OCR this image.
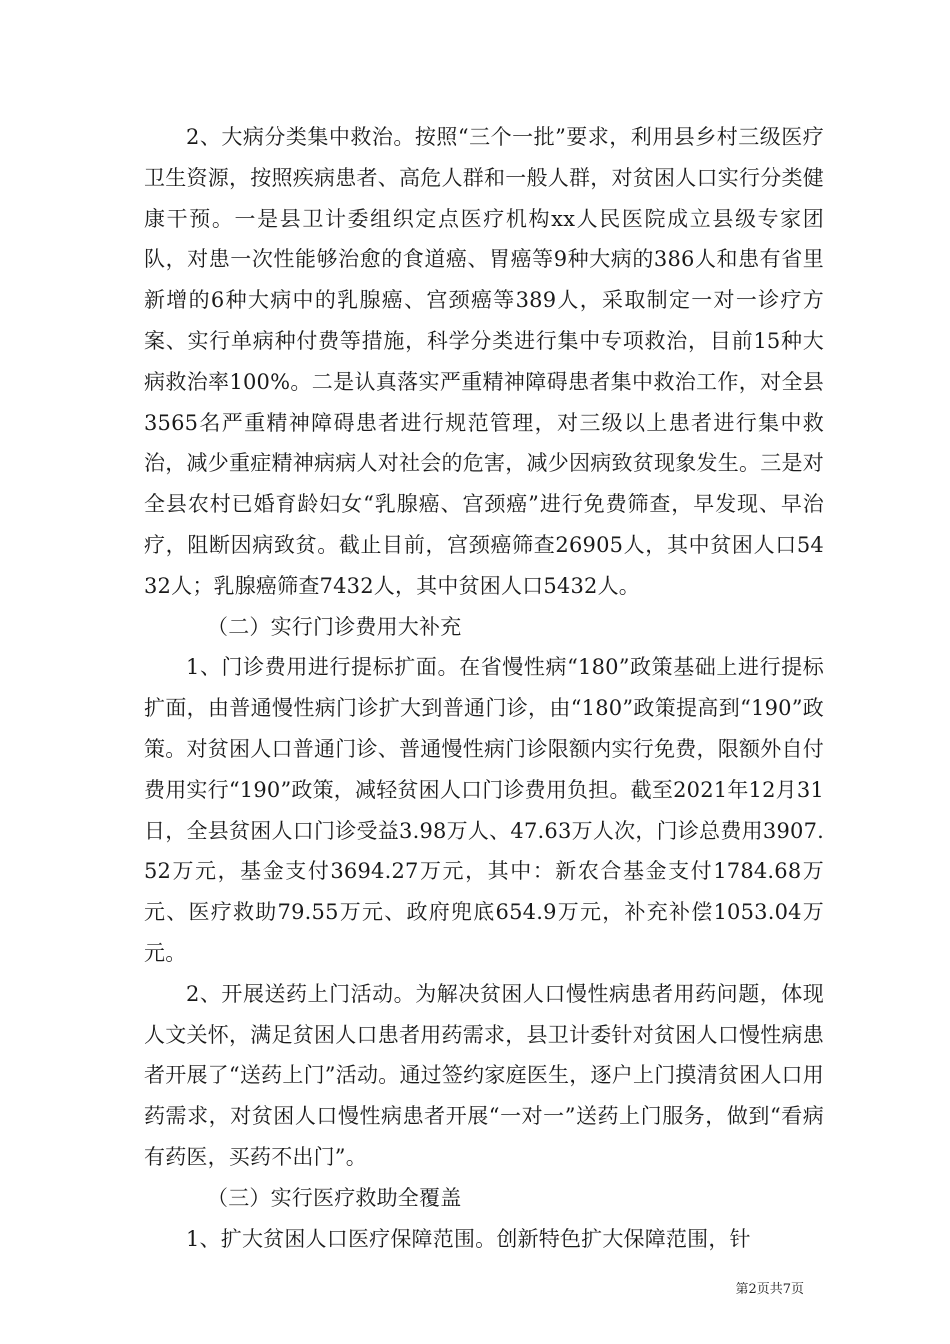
2、大病分类集中救治。按照“三个一批”要求，利用县乡村三级医疗卫生资源，按照疾病患者、高危人群和一般人群，对贫困人口实行分类健康干预。一是县卫计委组织定点医疗机构xx人民医院成立县级专家团队，对患一次性能够治愈的食道癌、胃癌等9种大病的386人和患有省里新增的6种大病中的乳腺癌、宫颈癌等389人，采取制定一对一诊疗方案、实行单病种付费等措施，科学分类进行集中专项救治，目前15种大病救治率100%。二是认真落实严重精神障碍患者集中救治工作，对全县3565名严重精神障碍患者进行规范管理，对三级以上患者进行集中救治，减少重症精神病病人对社会的危害，减少因病致贫现象发生。三是对全县农村已婚育龄妇女“乳腺癌、宫颈癌”进行免费筛查，早发现、早治疗，阻断因病致贫。截止目前，宫颈癌筛查26905人，其中贫困人口5432人；乳腺癌筛查7432人，其中贫困人口5432人。

（二）实行门诊费用大补充

1、门诊费用进行提标扩面。在省慢性病“180”政策基础上进行提标扩面，由普通慢性病门诊扩大到普通门诊，由“180”政策提高到“190”政策。对贫困人口普通门诊、普通慢性病门诊限额内实行免费，限额外自付费用实行“190”政策，减轻贫困人口门诊费用负担。截至2021年12月31日，全县贫困人口门诊受益3.98万人、47.63万人次，门诊总费用3907.52万元，基金支付3694.27万元，其中：新农合基金支付1784.68万元、医疗救助79.55万元、政府兜底654.9万元，补充补偿1053.04万元。

2、开展送药上门活动。为解决贫困人口慢性病患者用药问题，体现人文关怀，满足贫困人口患者用药需求，县卫计委针对贫困人口慢性病患者开展了“送药上门”活动。通过签约家庭医生，逐户上门摸清贫困人口用药需求，对贫困人口慢性病患者开展“一对一”送药上门服务，做到“看病有药医，买药不出门”。

（三）实行医疗救助全覆盖

1、扩大贫困人口医疗保障范围。创新特色扩大保障范围，针

第2页共7页
